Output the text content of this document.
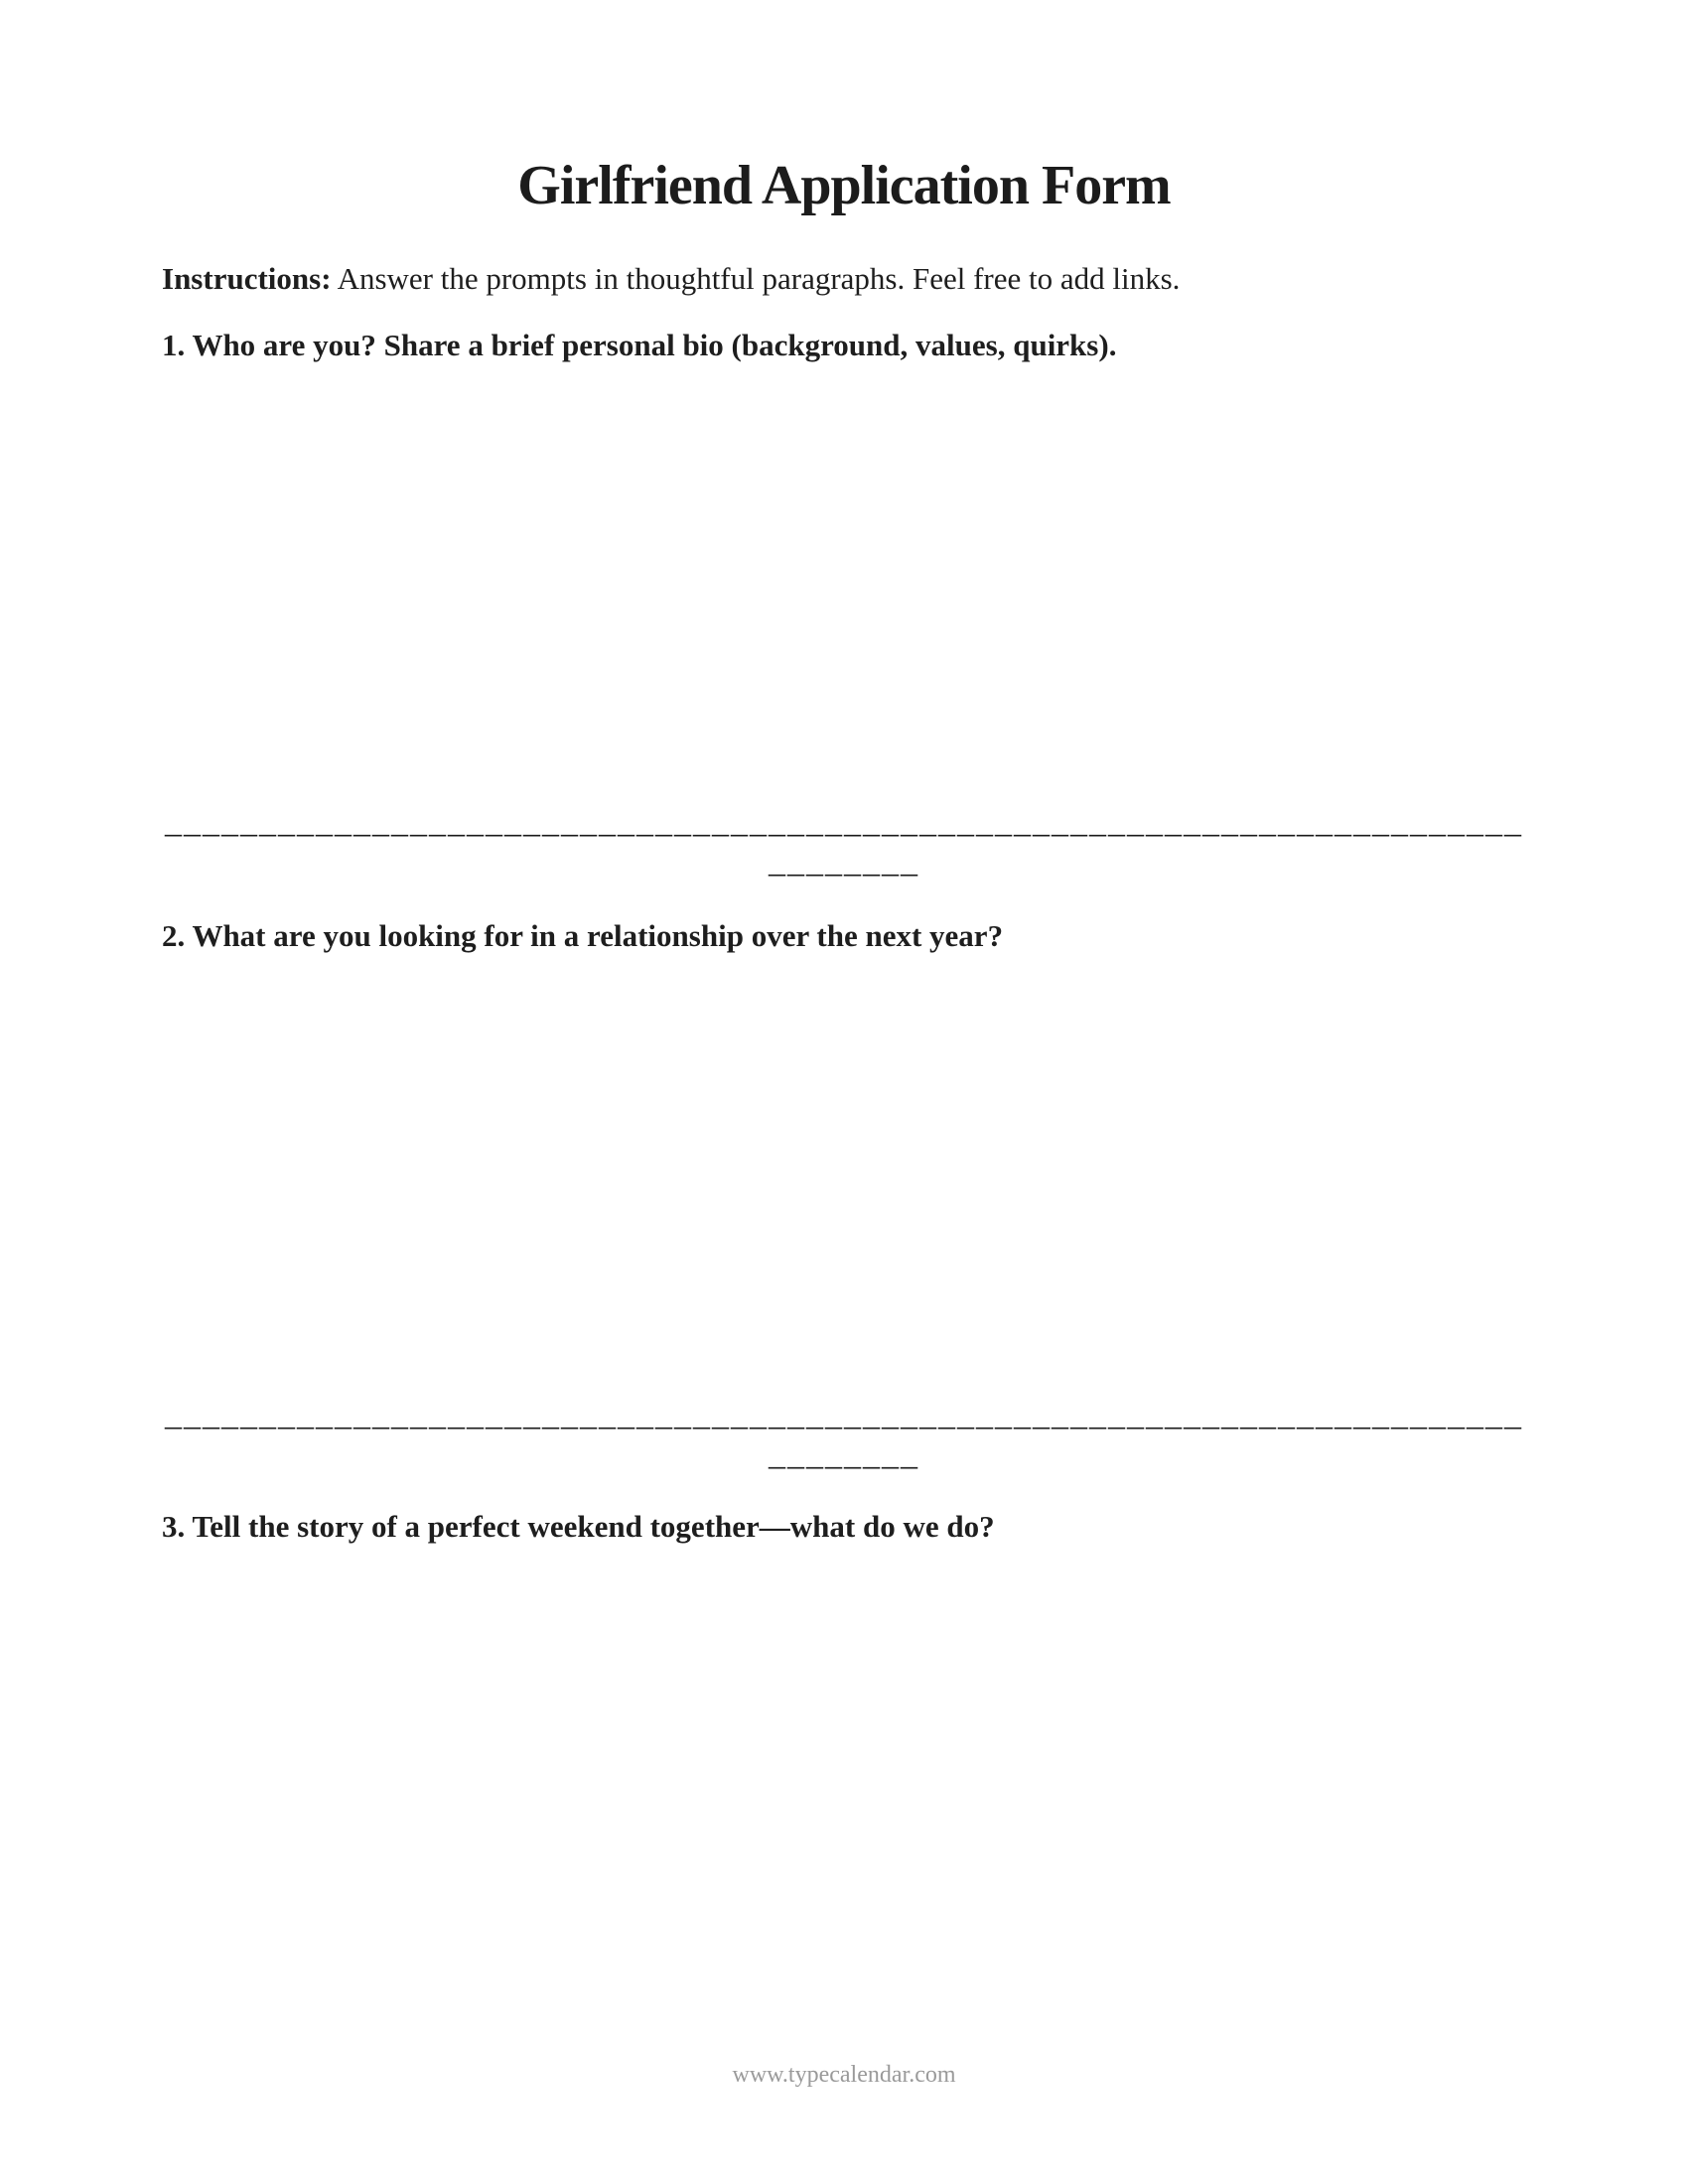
Girlfriend Application Form

Instructions: Answer the prompts in thoughtful paragraphs. Feel free to add links.

1. Who are you? Share a brief personal bio (background, values, quirks).

________________________________________________________________________________

2. What are you looking for in a relationship over the next year?

________________________________________________________________________________

3. Tell the story of a perfect weekend together—what do we do?

www.typecalendar.com
